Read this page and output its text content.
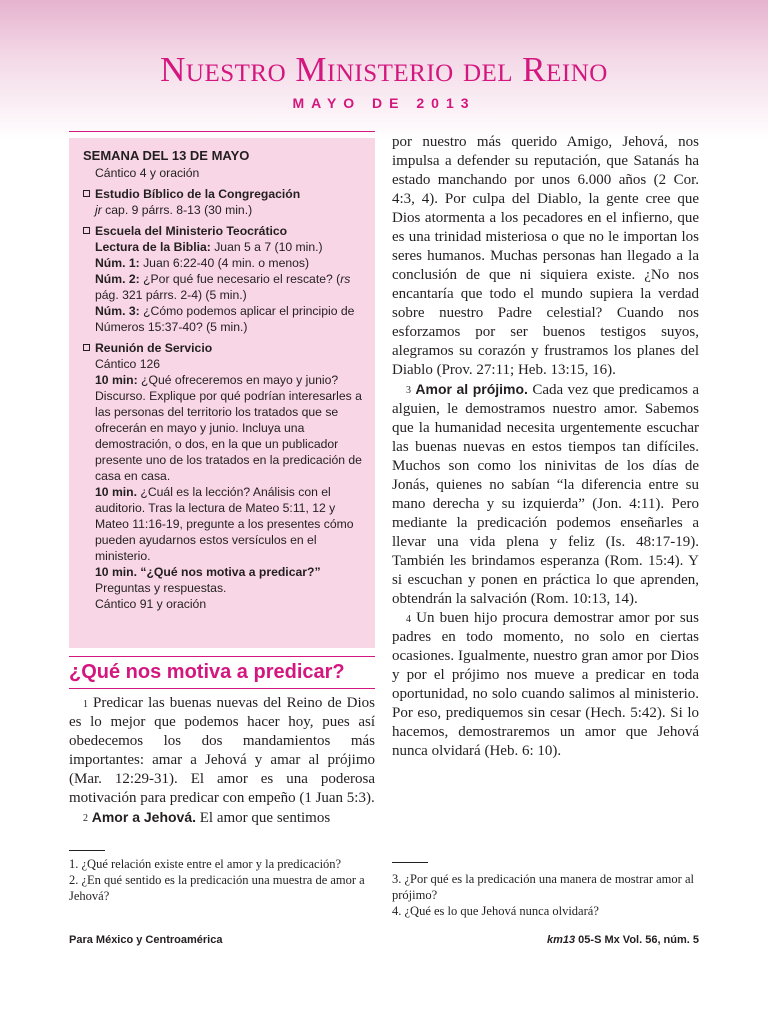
Nuestro Ministerio del Reino
MAYO DE 2013

SEMANA DEL 13 DE MAYO

Cántico 4 y oración

Estudio Bíblico de la Congregación

jr cap. 9 párrs. 8-13 (30 min.)

Escuela del Ministerio Teocrático

Lectura de la Biblia: Juan 5 a 7 (10 min.)

Núm. 1: Juan 6:22-40 (4 min. o menos)

Núm. 2: ¿Por qué fue necesario el rescate? (rs pág. 321 párrs. 2-4) (5 min.)

Núm. 3: ¿Cómo podemos aplicar el principio de Números 15:37-40? (5 min.)

Reunión de Servicio

Cántico 126

10 min: ¿Qué ofreceremos en mayo y junio? Discurso. Explique por qué podrían interesarles a las personas del territorio los tratados que se ofrecerán en mayo y junio. Incluya una demostración, o dos, en la que un publicador presente uno de los tratados en la predicación de casa en casa.

10 min. ¿Cuál es la lección? Análisis con el auditorio. Tras la lectura de Mateo 5:11, 12 y Mateo 11:16-19, pregunte a los presentes cómo pueden ayudarnos estos versículos en el ministerio.

10 min. “¿Qué nos motiva a predicar?”
Preguntas y respuestas.

Cántico 91 y oración

¿Qué nos motiva a predicar?

$^1$ Predicar las buenas nuevas del Reino de Dios es lo mejor que podemos hacer hoy, pues así obedecemos los dos mandamientos más importantes: amar a Jehová y amar al prójimo (Mar. 12:29-31). El amor es una poderosa motivación para predicar con empeño (1 Juan 5:3).

$^2$ Amor a Jehová. El amor que sentimos

1. ¿Qué relación existe entre el amor y la predicación?

2. ¿En qué sentido es la predicación una muestra de amor a Jehová?

por nuestro más querido Amigo, Jehová, nos impulsa a defender su reputación, que Satanás ha estado manchando por unos 6.000 años (2 Cor. 4:3, 4). Por culpa del Diablo, la gente cree que Dios atormenta a los pecadores en el infierno, que es una trinidad misteriosa o que no le importan los seres humanos. Muchas personas han llegado a la conclusión de que ni siquiera existe. ¿No nos encantaría que todo el mundo supiera la verdad sobre nuestro Padre celestial? Cuando nos esforzamos por ser buenos testigos suyos, alegramos su corazón y frustramos los planes del Diablo (Prov. 27:11; Heb. 13:15, 16).

$^3$ Amor al prójimo. Cada vez que predicamos a alguien, le demostramos nuestro amor. Sabemos que la humanidad necesita urgentemente escuchar las buenas nuevas en estos tiempos tan difíciles. Muchos son como los ninivitas de los días de Jonás, quienes no sabían “la diferencia entre su mano derecha y su izquierda” (Jon. 4:11). Pero mediante la predicación podemos enseñarles a llevar una vida plena y feliz (Is. 48:17-19). También les brindamos esperanza (Rom. 15:4). Y si escuchan y ponen en práctica lo que aprenden, obtendrán la salvación (Rom. 10:13, 14).

$^4$ Un buen hijo procura demostrar amor por sus padres en todo momento, no solo en ciertas ocasiones. Igualmente, nuestro gran amor por Dios y por el prójimo nos mueve a predicar en toda oportunidad, no solo cuando salimos al ministerio. Por eso, prediquemos sin cesar (Hech. 5:42). Si lo hacemos, demostraremos un amor que Jehová nunca olvidará (Heb. 6: 10).

3. ¿Por qué es la predicación una manera de mostrar amor al prójimo?

4. ¿Qué es lo que Jehová nunca olvidará?

Para México y Centroamérica	km13 05-S Mx Vol. 56, núm. 5
